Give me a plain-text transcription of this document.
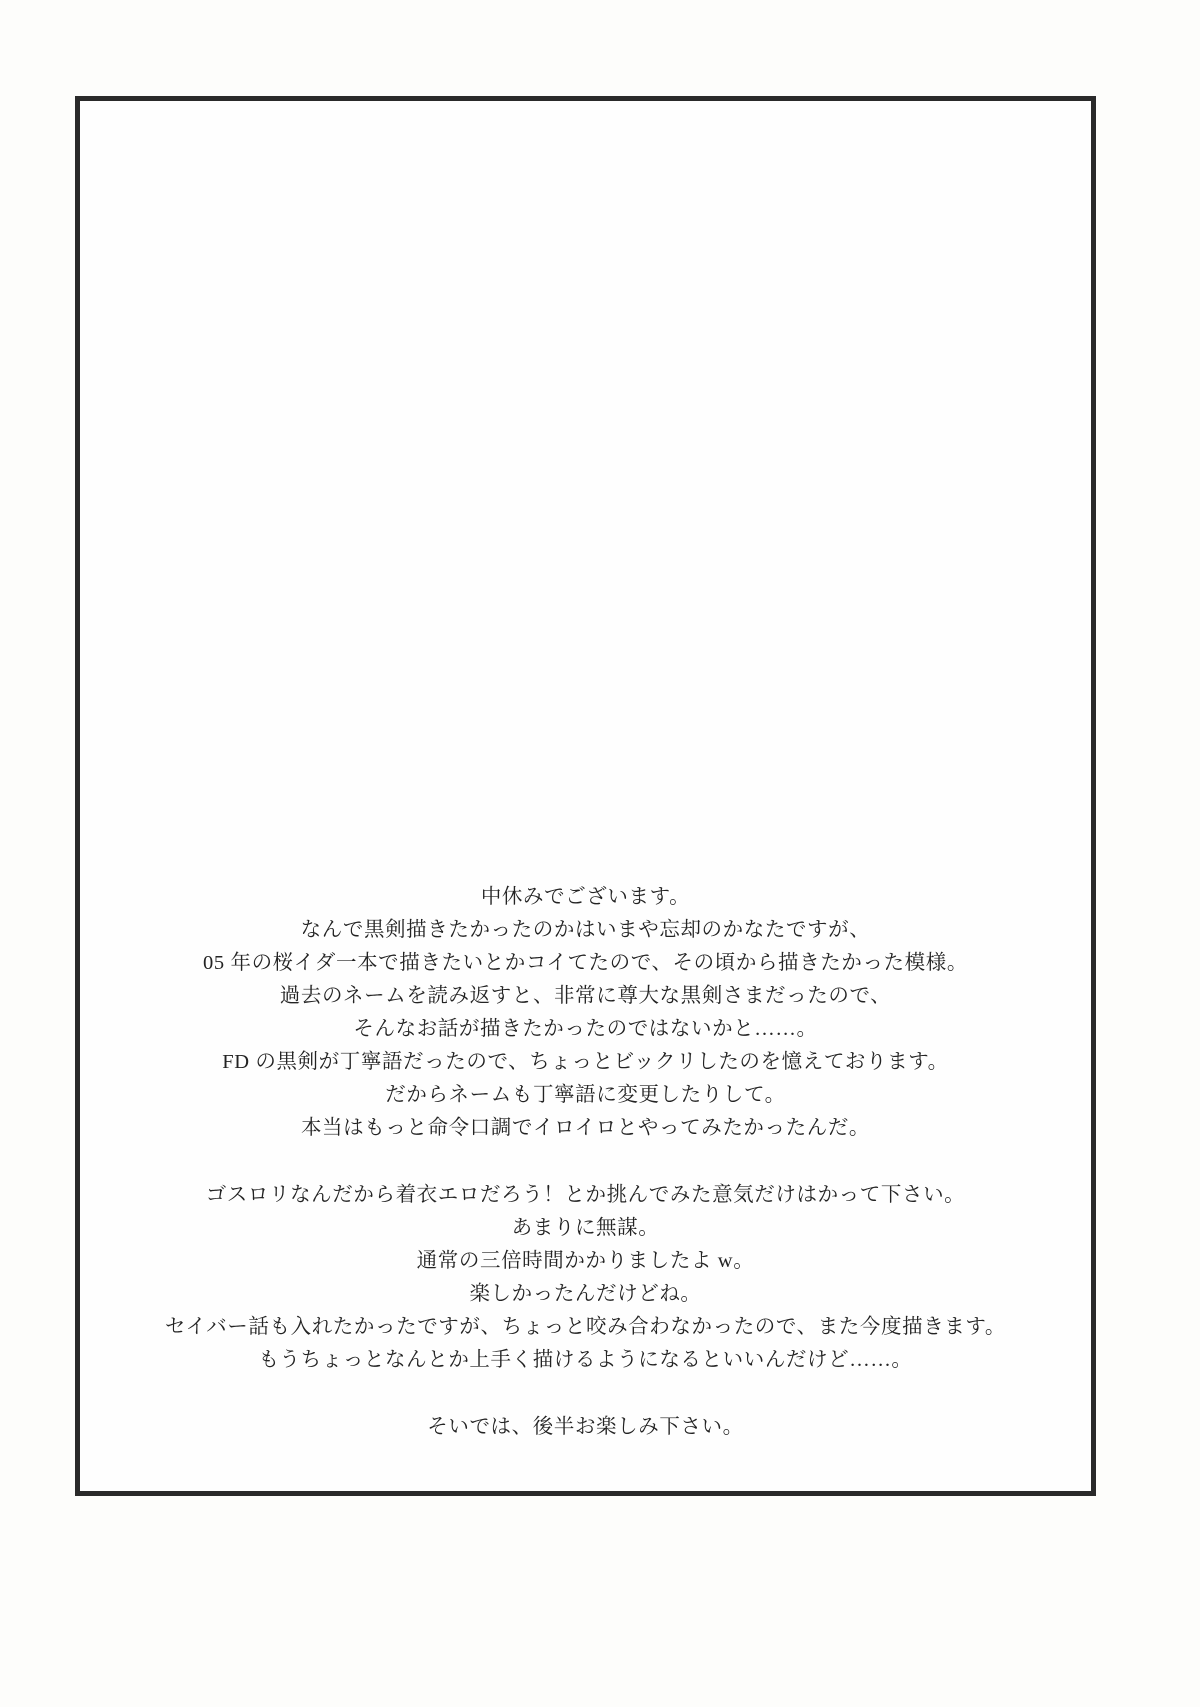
中休みでございます。
なんで黒剣描きたかったのかはいまや忘却のかなたですが、
05 年の桜イダ一本で描きたいとかコイてたので、その頃から描きたかった模様。
過去のネームを読み返すと、非常に尊大な黒剣さまだったので、
そんなお話が描きたかったのではないかと……。
FD の黒剣が丁寧語だったので、ちょっとビックリしたのを憶えております。
だからネームも丁寧語に変更したりして。
本当はもっと命令口調でイロイロとやってみたかったんだ。
ゴスロリなんだから着衣エロだろう！とか挑んでみた意気だけはかって下さい。
あまりに無謀。
通常の三倍時間かかりましたよ w。
楽しかったんだけどね。
セイバー話も入れたかったですが、ちょっと咬み合わなかったので、また今度描きます。
もうちょっとなんとか上手く描けるようになるといいんだけど……。
そいでは、後半お楽しみ下さい。
